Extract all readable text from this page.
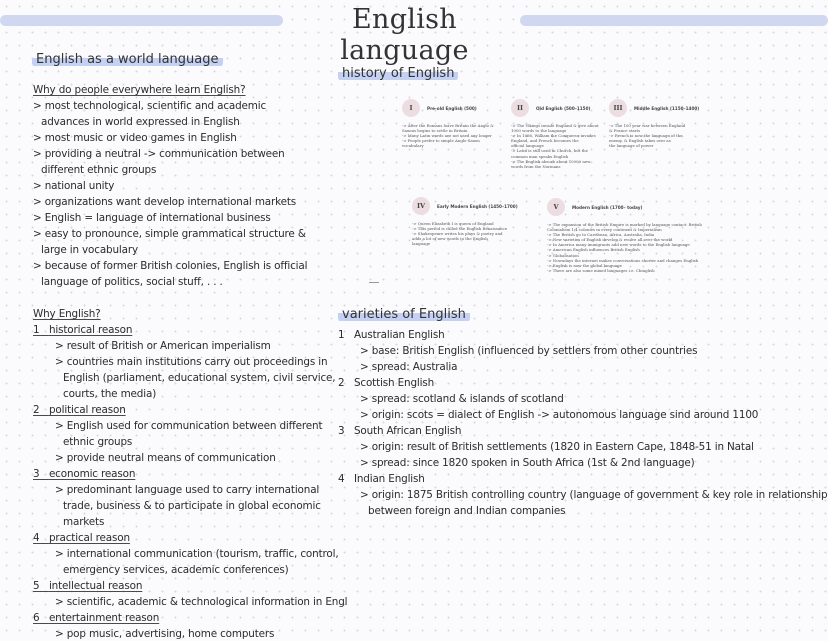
English language
English as a world language
Why do people everywhere learn English?
> most technological, scientific and academic
advances in world expressed in English
> most music or video games in English
> providing a neutral -> communication between
different ethnic groups
> national unity
> organizations want develop international markets
> English = language of international business
> easy to pronounce, simple grammatical structure &
large in vocabulary
> because of former British colonies, English is official
language of politics, social stuff, . . .
Why English?
1 historical reason
> result of British or American imperialism
> countries main institutions carry out proceedings in
English (parliament, educational system, civil service,
courts, the media)
2 political reason
> English used for communication between different
ethnic groups
> provide neutral means of communication
3 economic reason
> predominant language used to carry international
trade, business & to participate in global economic
markets
4 practical reason
> international communication (tourism, traffic, control,
emergency services, academic conferences)
5 intellectual reason
> scientific, academic & technological information in Engl
6 entertainment reason
> pop music, advertising, home computers
history of English
I	Pre-old English (500)
-> After the Romans leave Britain the Anglo &
Saxons begins to settle in Britain
-> Many Latin words are not used any longer
-> People prefer to simple Anglo-Saxon
vocabulary
II	Old English (500–1150)
-> The Vikings invade England & give about
1000 words to the language
-> In 1066, William the Conqueror invades
England, and French becomes the
official language
-> Latin is still used in Church, but the
common man speaks English
-> The English absorb about 10000 new
words from the Normans
III	Middle English (1150–1400)
-> The 100 year war between England
& France starts
-> French is now the language of the
enemy, & English takes over as
the language of power
IV	Early Modern English (1450–1700)
-> Queen Elizabeth I is queen of England
-> This period is called the English Renaissance
-> Shakespeare writes his plays & poetry and
adds a lot of new words to the English
language
V	Modern English (1700– today)
-> The expansion of the British Empire is marked by language contact: British
Colonialism 1/4 colonies in every continent & Imperialism
-> The British go to Carribean, Africa, Australia, India
-> New varieties of English develop & evolve all over the world
-> In America many immigrants add new words to the English language
-> American English influences British English
-> Globalisation
-> Nowadays the internet makes conversations shorter and changes English
-> English is now the global language
-> There are also some mixed languages i.e. Chinglish
varieties of English
1 Australian English
> base: British English (influenced by settlers from other countries
> spread: Australia
2 Scottish English
> spread: scotland & islands of scotland
> origin: scots = dialect of English -> autonomous language sind around 1100
3 South African English
> origin: result of British settlements (1820 in Eastern Cape, 1848-51 in Natal
> spread: since 1820 spoken in South Africa (1st & 2nd language)
4 Indian English
> origin: 1875 British controlling country (language of government & key role in relationship
between foreign and Indian companies
